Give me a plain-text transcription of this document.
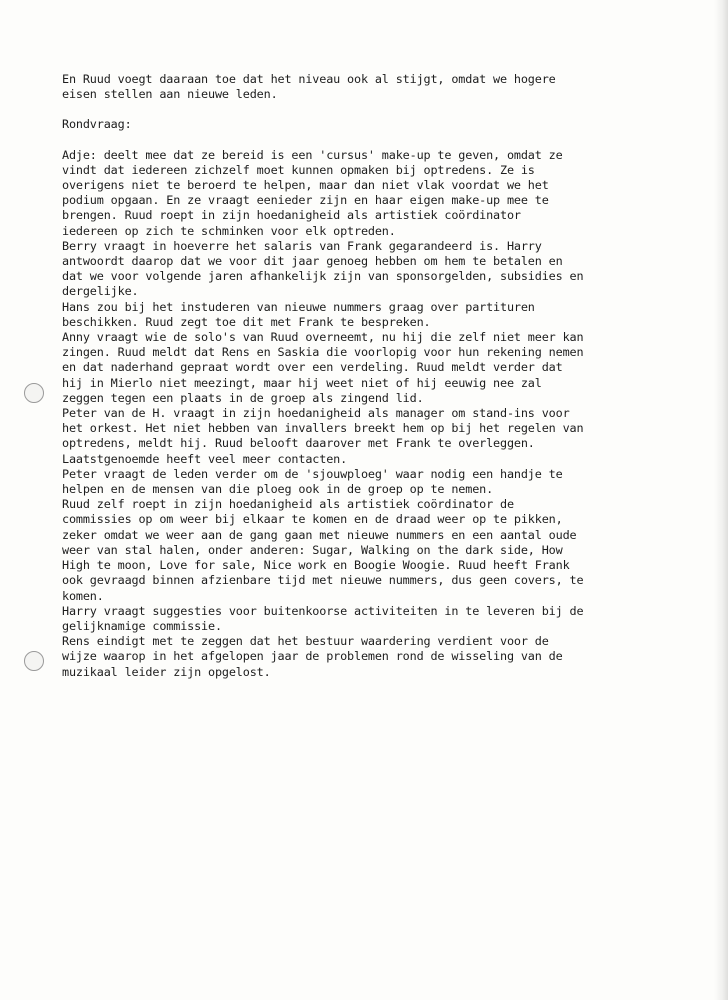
En Ruud voegt daaraan toe dat het niveau ook al stijgt, omdat we hogere
eisen stellen aan nieuwe leden.
Rondvraag:
Adje: deelt mee dat ze bereid is een 'cursus' make-up te geven, omdat ze
vindt dat iedereen zichzelf moet kunnen opmaken bij optredens. Ze is
overigens niet te beroerd te helpen, maar dan niet vlak voordat we het
podium opgaan. En ze vraagt eenieder zijn en haar eigen make-up mee te
brengen. Ruud roept in zijn hoedanigheid als artistiek coördinator
iedereen op zich te schminken voor elk optreden.
Berry vraagt in hoeverre het salaris van Frank gegarandeerd is. Harry
antwoordt daarop dat we voor dit jaar genoeg hebben om hem te betalen en
dat we voor volgende jaren afhankelijk zijn van sponsorgelden, subsidies en
dergelijke.
Hans zou bij het instuderen van nieuwe nummers graag over partituren
beschikken. Ruud zegt toe dit met Frank te bespreken.
Anny vraagt wie de solo's van Ruud overneemt, nu hij die zelf niet meer kan
zingen. Ruud meldt dat Rens en Saskia die voorlopig voor hun rekening nemen
en dat naderhand gepraat wordt over een verdeling. Ruud meldt verder dat
hij in Mierlo niet meezingt, maar hij weet niet of hij eeuwig nee zal
zeggen tegen een plaats in de groep als zingend lid.
Peter van de H. vraagt in zijn hoedanigheid als manager om stand-ins voor
het orkest. Het niet hebben van invallers breekt hem op bij het regelen van
optredens, meldt hij. Ruud belooft daarover met Frank te overleggen.
Laatstgenoemde heeft veel meer contacten.
Peter vraagt de leden verder om de 'sjouwploeg' waar nodig een handje te
helpen en de mensen van die ploeg ook in de groep op te nemen.
Ruud zelf roept in zijn hoedanigheid als artistiek coördinator de
commissies op om weer bij elkaar te komen en de draad weer op te pikken,
zeker omdat we weer aan de gang gaan met nieuwe nummers en een aantal oude
weer van stal halen, onder anderen: Sugar, Walking on the dark side, How
High te moon, Love for sale, Nice work en Boogie Woogie. Ruud heeft Frank
ook gevraagd binnen afzienbare tijd met nieuwe nummers, dus geen covers, te
komen.
Harry vraagt suggesties voor buitenkoorse activiteiten in te leveren bij de
gelijknamige commissie.
Rens eindigt met te zeggen dat het bestuur waardering verdient voor de
wijze waarop in het afgelopen jaar de problemen rond de wisseling van de
muzikaal leider zijn opgelost.
